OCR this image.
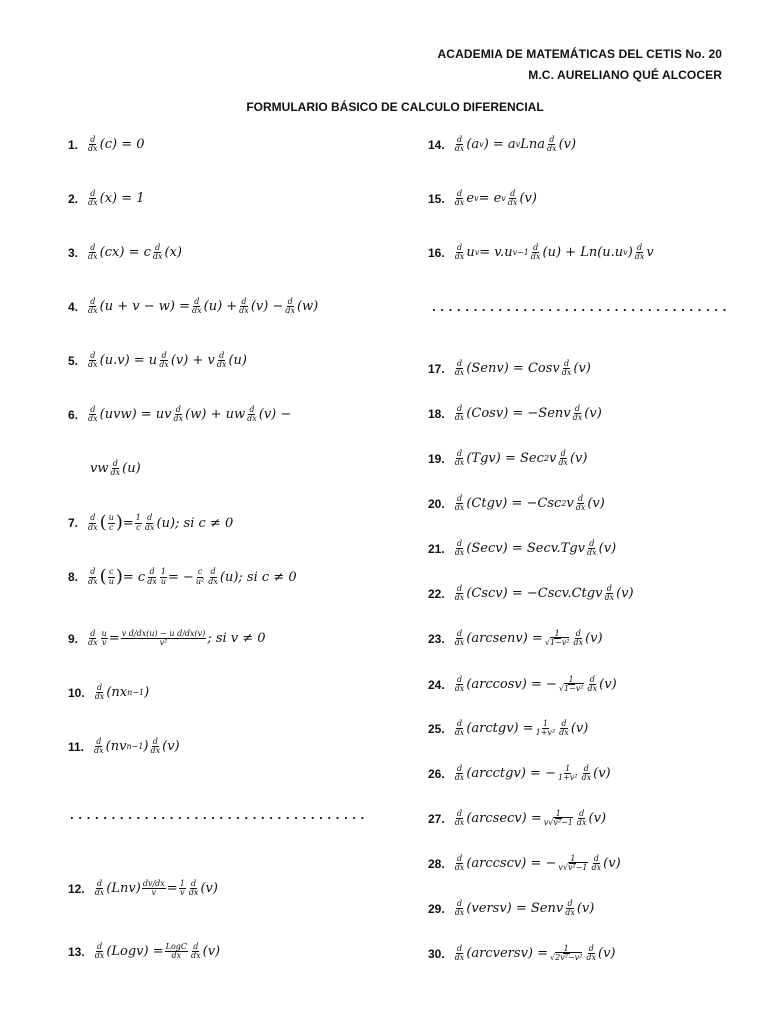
ACADEMIA DE MATEMÁTICAS DEL CETIS No. 20
M.C. AURELIANO QUÉ ALCOCER
FORMULARIO BÁSICO DE CALCULO DIFERENCIAL
1. d
dx (c) = 0
2. d
dx (x) = 1
3. d
dx (cx) = c d
dx (x)
4. d
dx (u + v − w) = d
dx (u) + d
dx (v) − d
dx (w)
5. d
dx (u.v) = u d
dx (v) + v d
dx (u)
6. d
dx (uvw) = uv d
dx (w) + uw d
dx (v) −
vw d
dx (u)
7. d
dx ( u
c ) = 1
c
d
dx (u); si c ≠ 0
8. d
dx ( c
u ) = c d
dx
1
u = − c
u²
d
dx (u); si c ≠ 0
9. d
dx
u
v = v d/dx(u) − u d/dx(v)
v²	; si v ≠ 0
10. d
dx (nx n−1 )
11. d
dx (nv n−1 ) d
dx (v)
....................................
12. d
dx (Lnv) dv/dx
v = 1
v
d
dx (v)
13. d
dx (Logv) = LogC
dx
d
dx (v)
14. d
dx (a v ) = a v Lna d
dx (v)
15. d
dx e v = e v
d
dx (v)
16. d
dx u v = v.u v−1
d
dx (u) + Ln(u.u v ) d
dx v
....................................
17. d
dx (Senv) = Cosv d
dx (v)
18. d
dx (Cosv) = −Senv d
dx (v)
19. d
dx (Tgv) = Sec 2 v d
dx (v)
20. d
dx (Ctgv) = −Csc 2 v d
dx (v)
21. d
dx (Secv) = Secv.Tgv d
dx (v)
22. d
dx (Cscv) = −Cscv.Ctgv d
dx (v)
23. d
dx (arcsenv) = 1
√1−v²
d
dx (v)
24. d
dx (arccosv) = − 1
√1−v²
d
dx (v)
25. d
dx (arctgv) = 1
1+v²
d
dx (v)
26. d
dx (arcctgv) = − 1
1+v²
d
dx (v)
27. d
dx (arcsecv) = 1
v√v²−1
d
dx (v)
28. d
dx (arccscv) = − 1
v√v²−1
d
dx (v)
29. d
dx (versv) = Senv d
dx (v)
30. d
dx (arcversv) = 1
√2v²−v²
d
dx (v)
